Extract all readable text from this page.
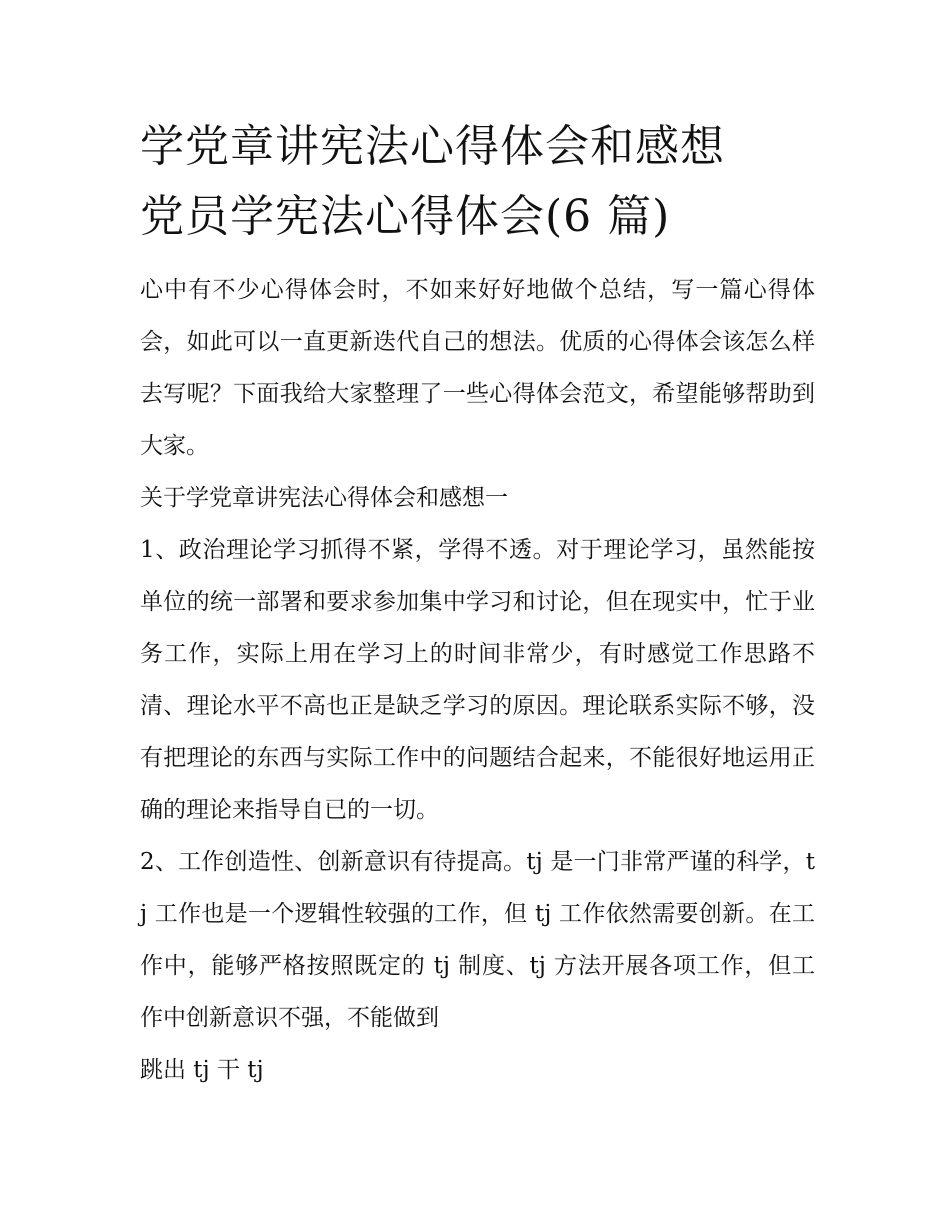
学党章讲宪法心得体会和感想
党员学宪法心得体会(6 篇)

心中有不少心得体会时，不如来好好地做个总结，写一篇心得体会，如此可以一直更新迭代自己的想法。优质的心得体会该怎么样去写呢？下面我给大家整理了一些心得体会范文，希望能够帮助到大家。

关于学党章讲宪法心得体会和感想一

1、政治理论学习抓得不紧，学得不透。对于理论学习，虽然能按单位的统一部署和要求参加集中学习和讨论，但在现实中，忙于业务工作，实际上用在学习上的时间非常少，有时感觉工作思路不清、理论水平不高也正是缺乏学习的原因。理论联系实际不够，没有把理论的东西与实际工作中的问题结合起来，不能很好地运用正确的理论来指导自已的一切。

2、工作创造性、创新意识有待提高。tj 是一门非常严谨的科学，tj 工作也是一个逻辑性较强的工作，但 tj 工作依然需要创新。在工作中，能够严格按照既定的 tj 制度、tj 方法开展各项工作，但工作中创新意识不强，不能做到

跳出 tj 干 tj
